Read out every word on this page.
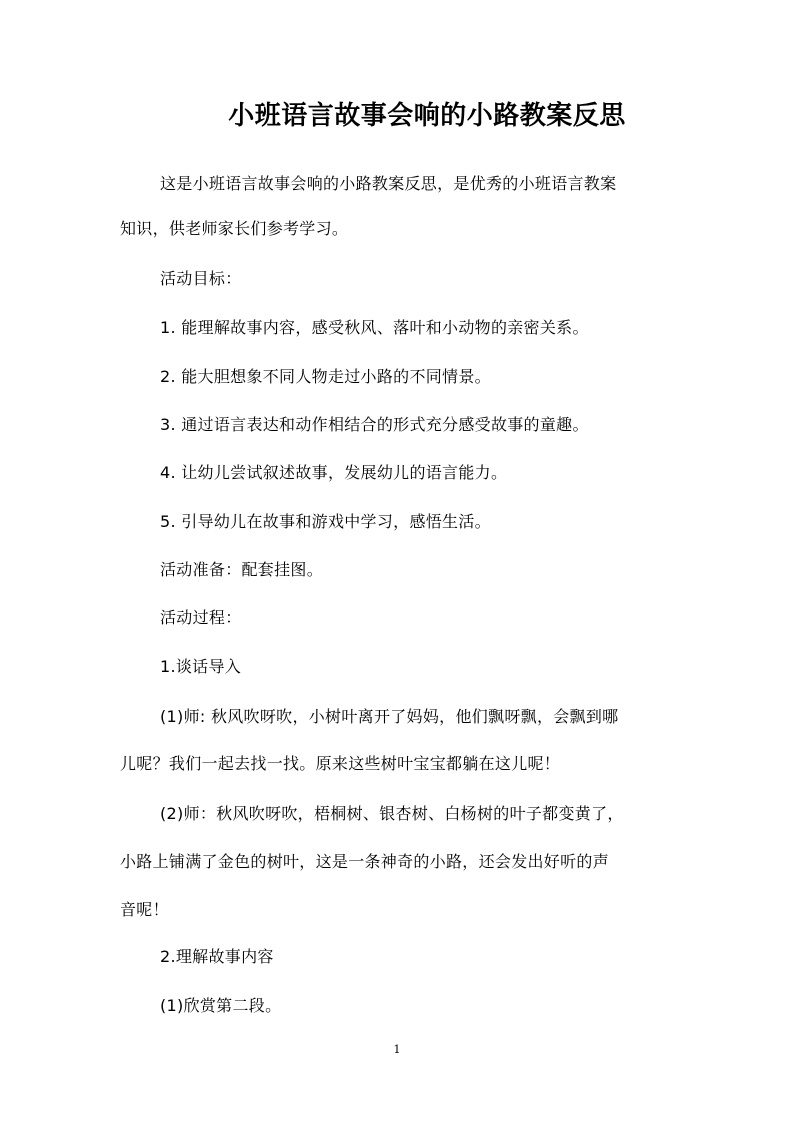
小班语言故事会响的小路教案反思
这是小班语言故事会响的小路教案反思，是优秀的小班语言教案
知识，供老师家长们参考学习。
活动目标：
1. 能理解故事内容，感受秋风、落叶和小动物的亲密关系。
2. 能大胆想象不同人物走过小路的不同情景。
3. 通过语言表达和动作相结合的形式充分感受故事的童趣。
4. 让幼儿尝试叙述故事，发展幼儿的语言能力。
5. 引导幼儿在故事和游戏中学习，感悟生活。
活动准备：配套挂图。
活动过程：
1.谈话导入
(1)师: 秋风吹呀吹，小树叶离开了妈妈，他们飘呀飘，会飘到哪
儿呢？我们一起去找一找。原来这些树叶宝宝都躺在这儿呢！
(2)师：秋风吹呀吹，梧桐树、银杏树、白杨树的叶子都变黄了，
小路上铺满了金色的树叶，这是一条神奇的小路，还会发出好听的声
音呢！
2.理解故事内容
(1)欣赏第二段。
1
